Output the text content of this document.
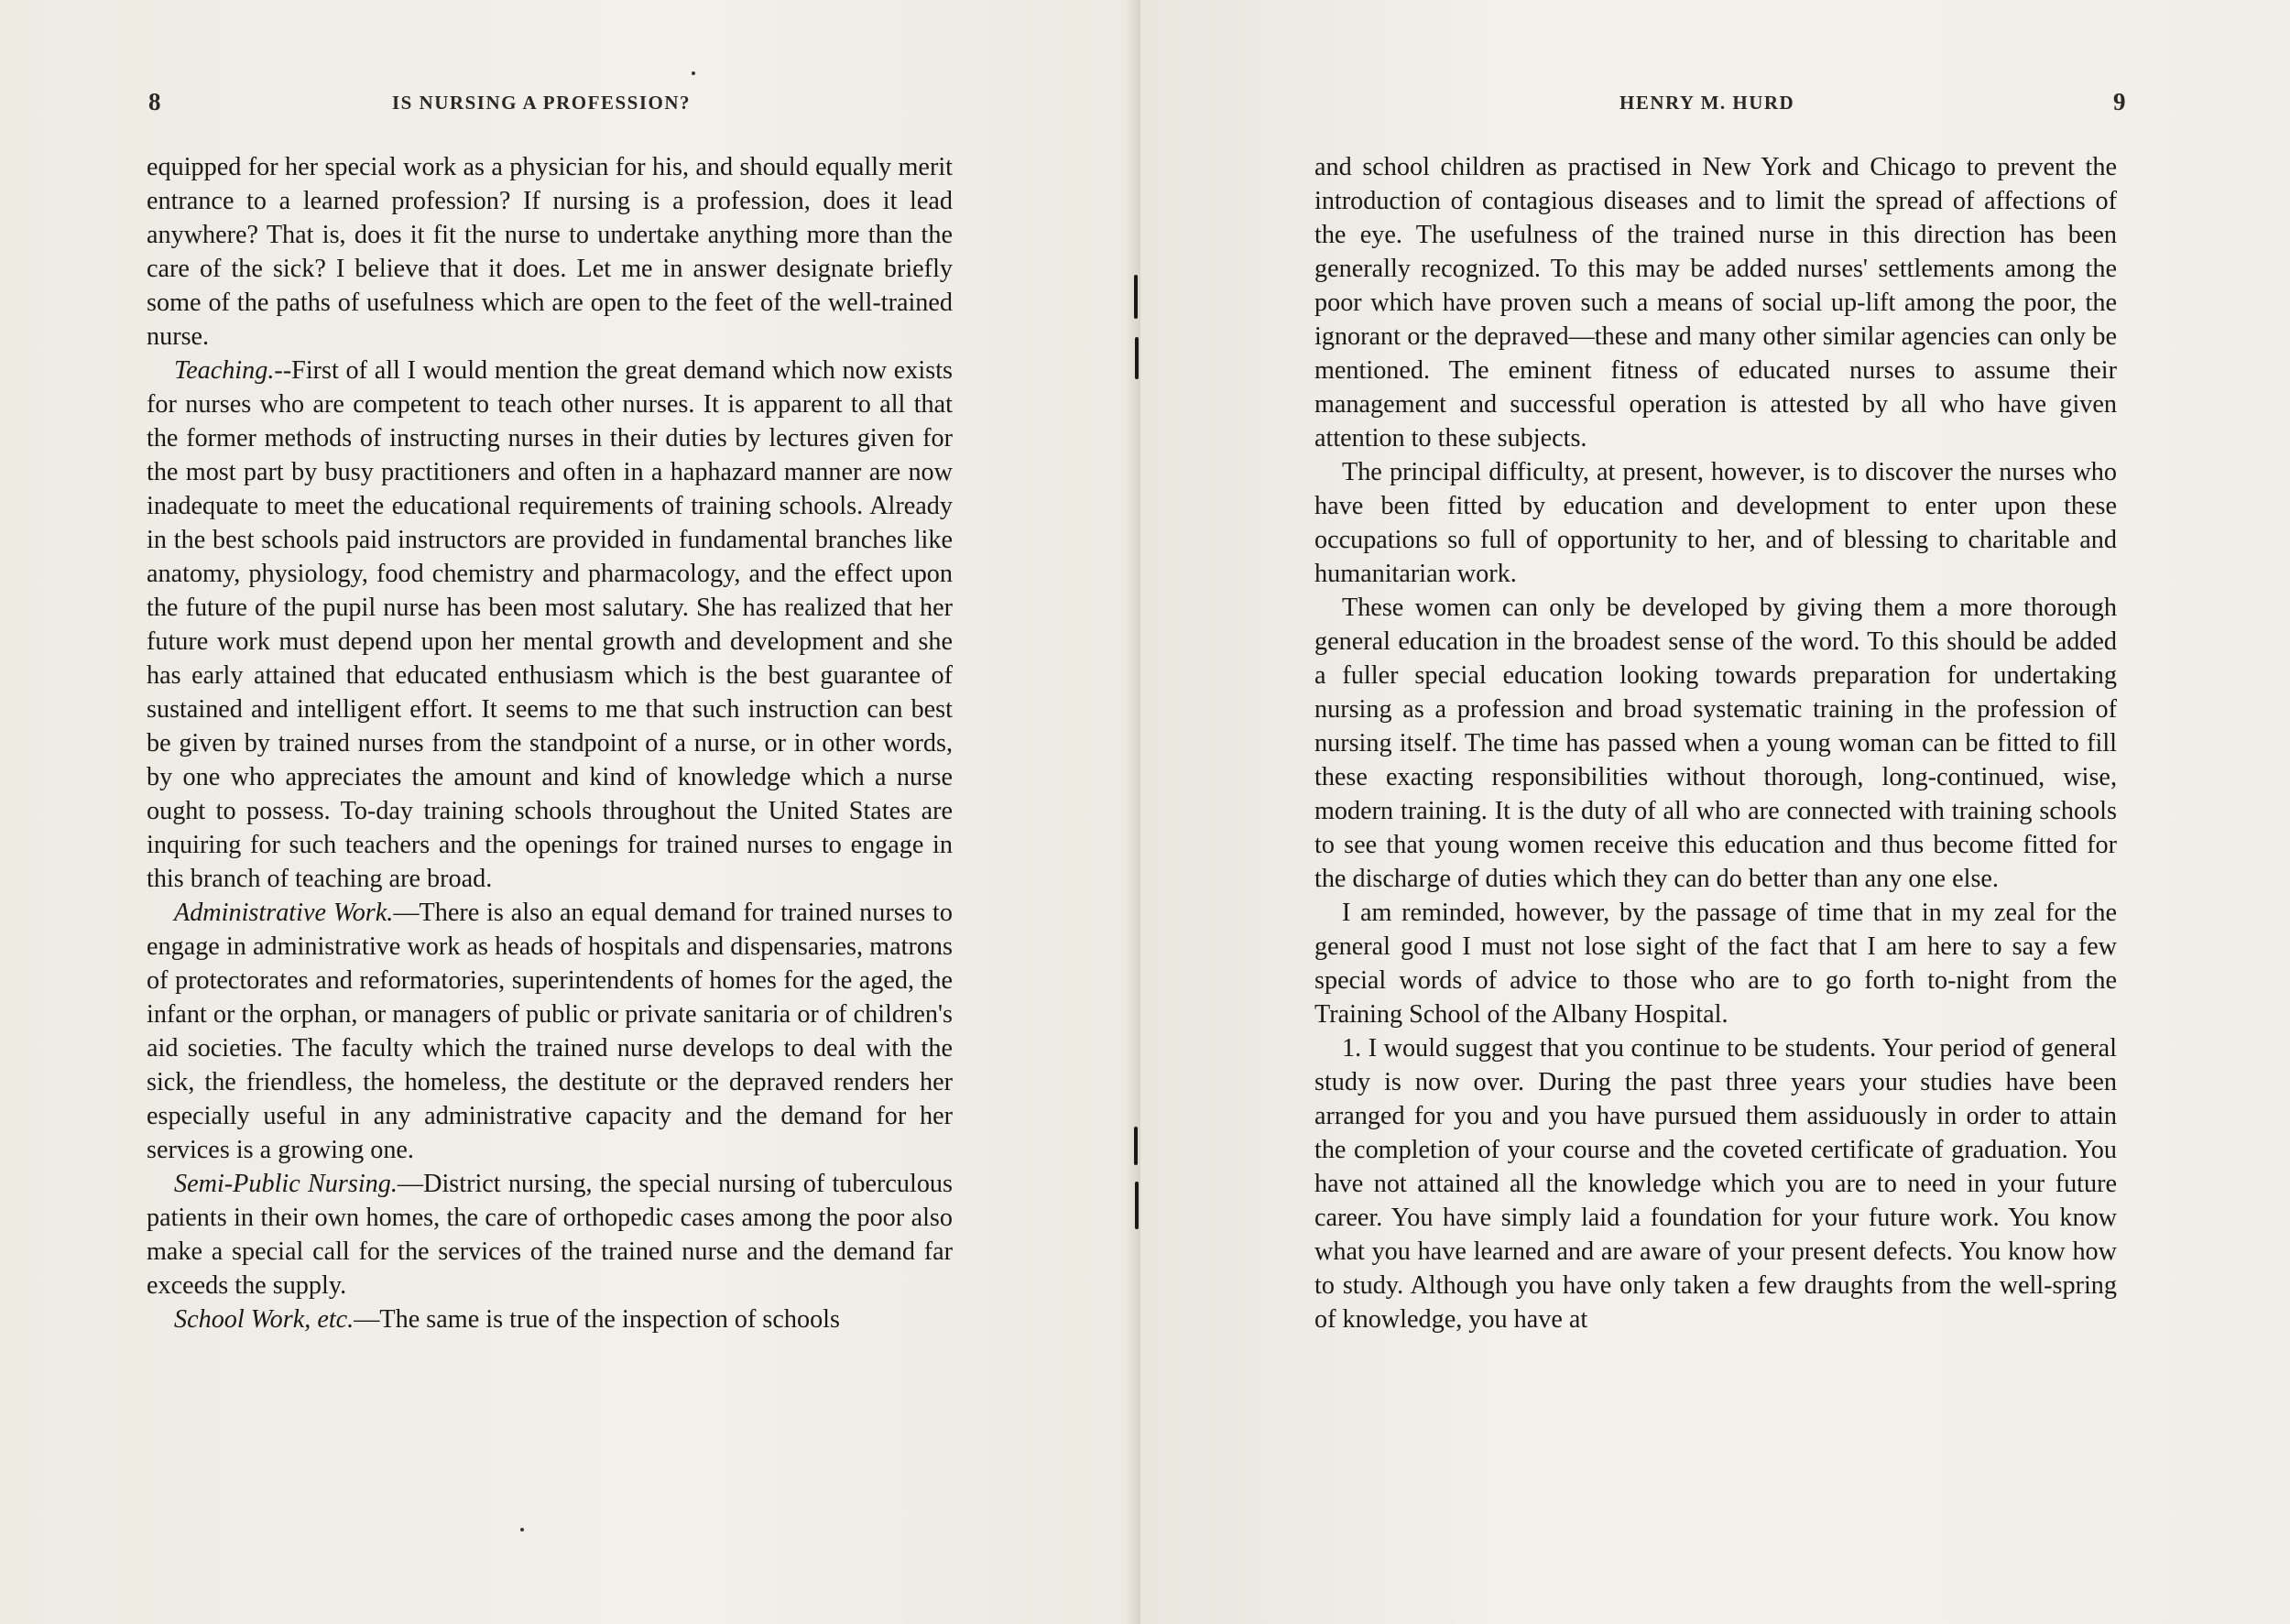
8	IS NURSING A PROFESSION?

equipped for her special work as a physician for his, and should equally merit entrance to a learned profession? If nursing is a profession, does it lead anywhere? That is, does it fit the nurse to undertake anything more than the care of the sick? I believe that it does. Let me in answer designate briefly some of the paths of usefulness which are open to the feet of the well-trained nurse.

Teaching.--First of all I would mention the great demand which now exists for nurses who are competent to teach other nurses. It is apparent to all that the former methods of instructing nurses in their duties by lectures given for the most part by busy practitioners and often in a haphazard manner are now inadequate to meet the educational requirements of training schools. Already in the best schools paid instructors are provided in fundamental branches like anatomy, physiology, food chemistry and pharmacology, and the effect upon the future of the pupil nurse has been most salutary. She has realized that her future work must depend upon her mental growth and development and she has early attained that educated enthusiasm which is the best guarantee of sustained and intelligent effort. It seems to me that such instruction can best be given by trained nurses from the standpoint of a nurse, or in other words, by one who appreciates the amount and kind of knowledge which a nurse ought to possess. To-day training schools throughout the United States are inquiring for such teachers and the openings for trained nurses to engage in this branch of teaching are broad.

Administrative Work.—There is also an equal demand for trained nurses to engage in administrative work as heads of hospitals and dispensaries, matrons of protectorates and reformatories, superintendents of homes for the aged, the infant or the orphan, or managers of public or private sanitaria or of children's aid societies. The faculty which the trained nurse develops to deal with the sick, the friendless, the homeless, the destitute or the depraved renders her especially useful in any administrative capacity and the demand for her services is a growing one.

Semi-Public Nursing.—District nursing, the special nursing of tuberculous patients in their own homes, the care of orthopedic cases among the poor also make a special call for the services of the trained nurse and the demand far exceeds the supply.

School Work, etc.—The same is true of the inspection of schools

HENRY M. HURD	9

and school children as practised in New York and Chicago to prevent the introduction of contagious diseases and to limit the spread of affections of the eye. The usefulness of the trained nurse in this direction has been generally recognized. To this may be added nurses' settlements among the poor which have proven such a means of social up-lift among the poor, the ignorant or the depraved—these and many other similar agencies can only be mentioned. The eminent fitness of educated nurses to assume their management and successful operation is attested by all who have given attention to these subjects.

The principal difficulty, at present, however, is to discover the nurses who have been fitted by education and development to enter upon these occupations so full of opportunity to her, and of blessing to charitable and humanitarian work.

These women can only be developed by giving them a more thorough general education in the broadest sense of the word. To this should be added a fuller special education looking towards preparation for undertaking nursing as a profession and broad systematic training in the profession of nursing itself. The time has passed when a young woman can be fitted to fill these exacting responsibilities without thorough, long-continued, wise, modern training. It is the duty of all who are connected with training schools to see that young women receive this education and thus become fitted for the discharge of duties which they can do better than any one else.

I am reminded, however, by the passage of time that in my zeal for the general good I must not lose sight of the fact that I am here to say a few special words of advice to those who are to go forth to-night from the Training School of the Albany Hospital.

1. I would suggest that you continue to be students. Your period of general study is now over. During the past three years your studies have been arranged for you and you have pursued them assiduously in order to attain the completion of your course and the coveted certificate of graduation. You have not attained all the knowledge which you are to need in your future career. You have simply laid a foundation for your future work. You know what you have learned and are aware of your present defects. You know how to study. Although you have only taken a few draughts from the well-spring of knowledge, you have at
